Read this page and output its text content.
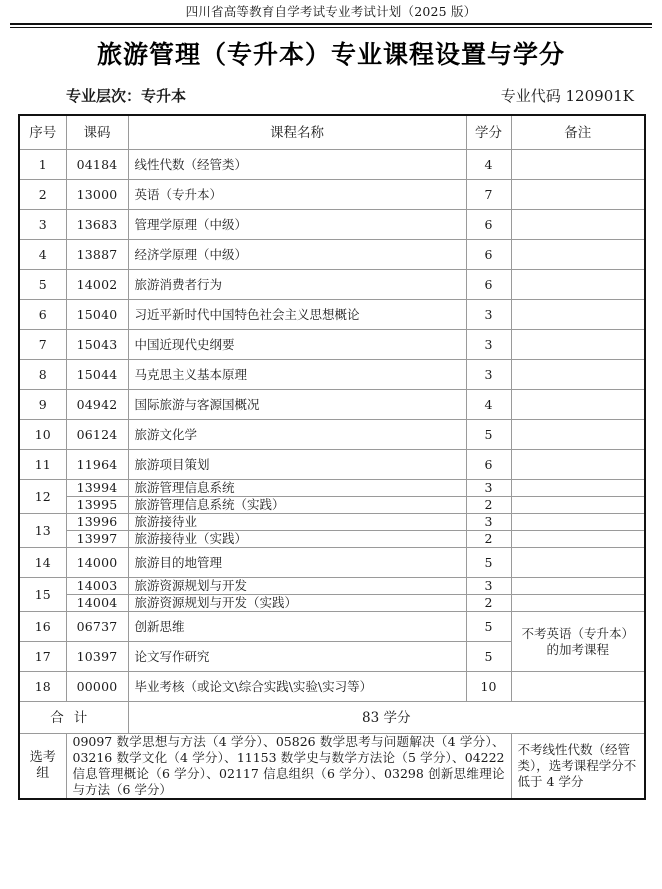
四川省高等教育自学考试专业考试计划（2025 版）
旅游管理（专升本）专业课程设置与学分
专业层次：专升本	专业代码 120901K
序号	课码	课程名称	学分	备注
1	04184	线性代数（经管类）	4	
2	13000	英语（专升本）	7	
3	13683	管理学原理（中级）	6	
4	13887	经济学原理（中级）	6	
5	14002	旅游消费者行为	6	
6	15040	习近平新时代中国特色社会主义思想概论	3	
7	15043	中国近现代史纲要	3	
8	15044	马克思主义基本原理	3	
9	04942	国际旅游与客源国概况	4	
10	06124	旅游文化学	5	
11	11964	旅游项目策划	6	
12	13994	旅游管理信息系统	3	
	13995	旅游管理信息系统（实践）	2	
13	13996	旅游接待业	3	
	13997	旅游接待业（实践）	2	
14	14000	旅游目的地管理	5	
15	14003	旅游资源规划与开发	3	
	14004	旅游资源规划与开发（实践）	2	
16	06737	创新思维	5	不考英语（专升本）的加考课程
17	10397	论文写作研究	5	
18	00000	毕业考核（或论文\综合实践\实验\实习等）	10	
合计		83 学分		
选考组	09097 数学思想与方法（4 学分）、05826 数学思考与问题解决（4 学分）、03216 数学文化（4 学分）、11153 数学史与数学方法论（5 学分）、04222 信息管理概论（6 学分）、02117 信息组织（6 学分）、03298 创新思维理论与方法（6 学分）			不考线性代数（经管类），选考课程学分不低于 4 学分
